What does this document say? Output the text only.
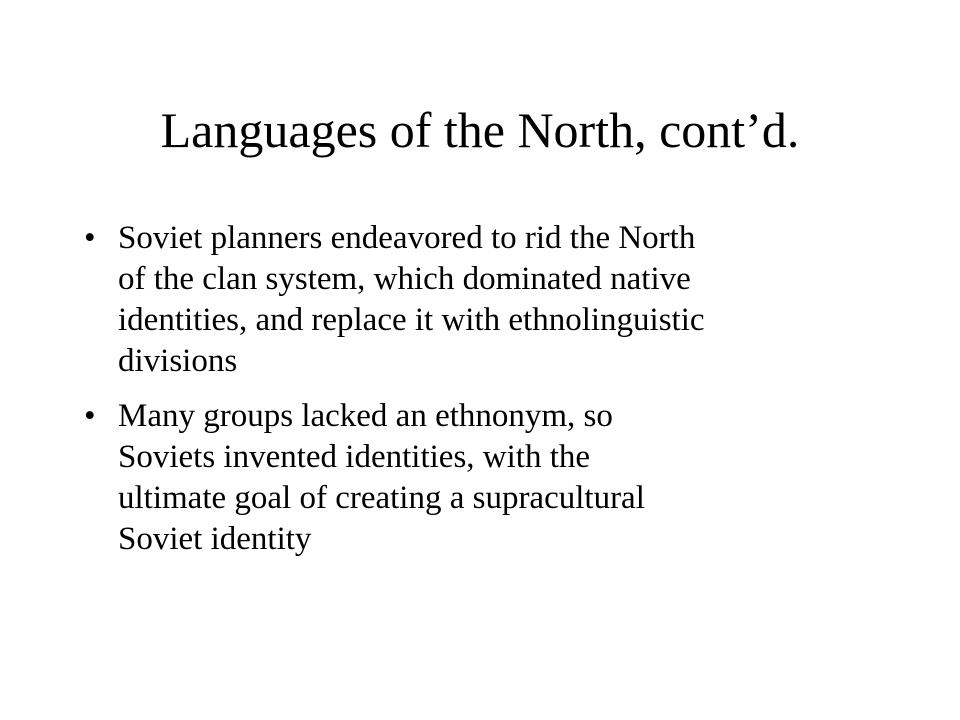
Languages of the North, cont’d.
• Soviet planners endeavored to rid the North
of the clan system, which dominated native
identities, and replace it with ethnolinguistic
divisions
• Many groups lacked an ethnonym, so
Soviets invented identities, with the
ultimate goal of creating a supracultural
Soviet identity
